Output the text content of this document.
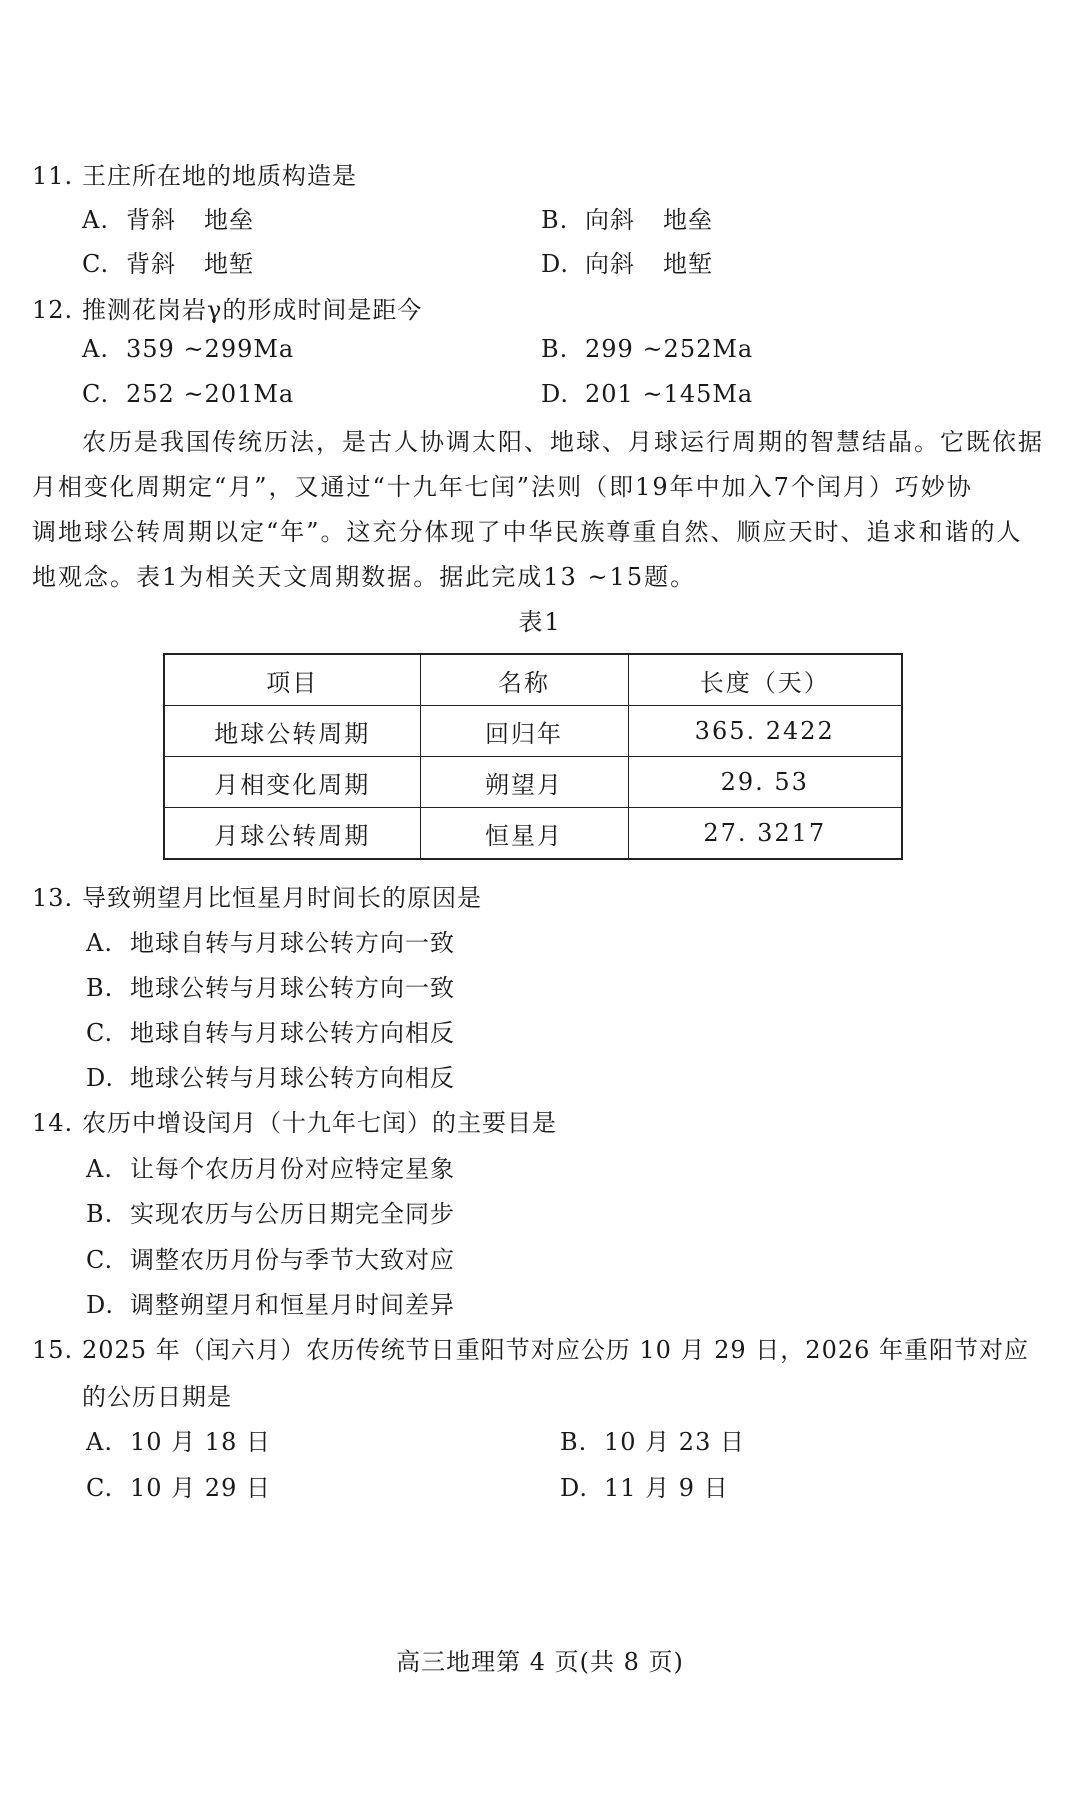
11. 王庄所在地的地质构造是
A. 背斜 地垒	B. 向斜 地垒
C. 背斜 地堑	D. 向斜 地堑
12. 推测花岗岩γ的形成时间是距今
A. 359 ~299Ma	B. 299 ~252Ma
C. 252 ~201Ma	D. 201 ~145Ma
农历是我国传统历法，是古人协调太阳、地球、月球运行周期的智慧结晶。它既依据
月相变化周期定“月”，又通过“十九年七闰”法则（即19年中加入7个闰月）巧妙协
调地球公转周期以定“年”。这充分体现了中华民族尊重自然、顺应天时、追求和谐的人
地观念。表1为相关天文周期数据。据此完成13 ~15题。
表1
项目	名称	长度（天）
地球公转周期	回归年	365. 2422
月相变化周期	朔望月	29. 53
月球公转周期	恒星月	27. 3217
13. 导致朔望月比恒星月时间长的原因是
A. 地球自转与月球公转方向一致
B. 地球公转与月球公转方向一致
C. 地球自转与月球公转方向相反
D. 地球公转与月球公转方向相反
14. 农历中增设闰月（十九年七闰）的主要目是
A. 让每个农历月份对应特定星象
B. 实现农历与公历日期完全同步
C. 调整农历月份与季节大致对应
D. 调整朔望月和恒星月时间差异
15. 2025 年（闰六月）农历传统节日重阳节对应公历 10 月 29 日，2026 年重阳节对应
的公历日期是
A. 10 月 18 日	B. 10 月 23 日
C. 10 月 29 日	D. 11 月 9 日
高三地理第 4 页(共 8 页)
